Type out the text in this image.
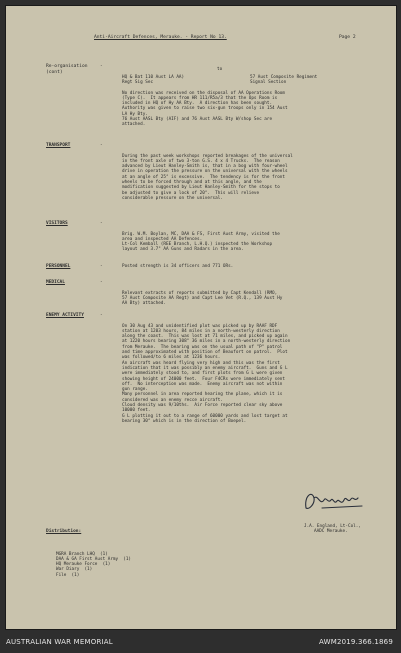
Anti-Aircraft Defences, Merauke. - Report No 13.	Page 2
Re-organisation
(cont)
-

HQ & Bat 110 Aust LA AA)
Regt Sig Sec

to

57 Aust Composite Regiment
Signal Section

No direction was received on the disposal of AA Operations Room
(Type C).  It appears from HR 111/R5a/3 that the Ops Room is
included in HQ of Hy AA Bty.  A direction has been sought.
Authority was given to raise two six-gun troops only in 154 Aust
LA Hy Bty.
76 Aust AASL Bty (AIF) and 76 Aust AASL Bty W/shop Sec are
attached.

TRANSPORT	-

During the past week workshops reported breakages of the universal
in the front axle of two 3-ton G.S. 4 x 4 Trucks.  The reason
advanced by Lieut Hanley-Smith is, that in a bog with four-wheel
drive in operation the pressure on the universal with the wheels
at an angle of 25° is excessive.  The tendency is for the front
wheels to be forced through and at this angle, and the
modification suggested by Lieut Hanley-Smith for the stops to
be adjusted to give a lock of 20°.  This will relieve
considerable pressure on the universal.

VISITORS	-

Brig. W.M. Boylan, MC, DAA & FS, First Aust Army, visited the
area and inspected AA Defences.
Lt-Col Kemball (REE Branch, L.H.Q.) inspected the Workshop
layout and 3.7" AA Guns and Radars in the area.

PERSONNEL	-	Posted strength is 34 officers and 771 ORs.
MEDICAL	-

Relevant extracts of reports submitted by Capt Kendall (RMO,
57 Aust Composite AA Regt) and Capt Lee Vet (R.Q., 139 Aust Hy
AA Bty) attached.

ENEMY ACTIVITY	-

On 30 Aug 43 and unidentified plot was picked up by RAAF RDF
station at 1203 hours, 84 miles in a north-westerly direction
along the coast.  This was lost at 71 miles, and picked up again
at 1220 hours bearing 308° 36 miles in a north-westerly direction
from Merauke.  The bearing was on the usual path of "P" patrol
and time approximated with position of Beaufort on patrol.  Plot
was followed/to 6 miles at 1236 hours.
An aircraft was heard flying very high and this was the first
indication that it was possibly an enemy aircraft.  Guns and G L
were immediately stood to, and first plots from G L were given
showing height of 24000 feet.  Four F4CRs were immediately sent
off.  No interception was made.  Enemy aircraft was not within
gun range.
Many personnel in area reported hearing the plane, which it is
considered was an enemy recce aircraft.
Cloud density was 9/10ths.  Air Force reported clear sky above
10000 feet.
G L plotting it out to a range of 60000 yards and lost target at
bearing 30° which is in the direction of Boepel.

J.A. England, Lt-Col.,
AADC Merauke.

Distribution:

MGRA Branch LHQ  (1)
DAA & GA First Aust Army  (1)
HQ Merauke Force  (1)
War Diary  (1)
File  (1)

AUSTRALIAN WAR MEMORIAL	AWM2019.366.1869
